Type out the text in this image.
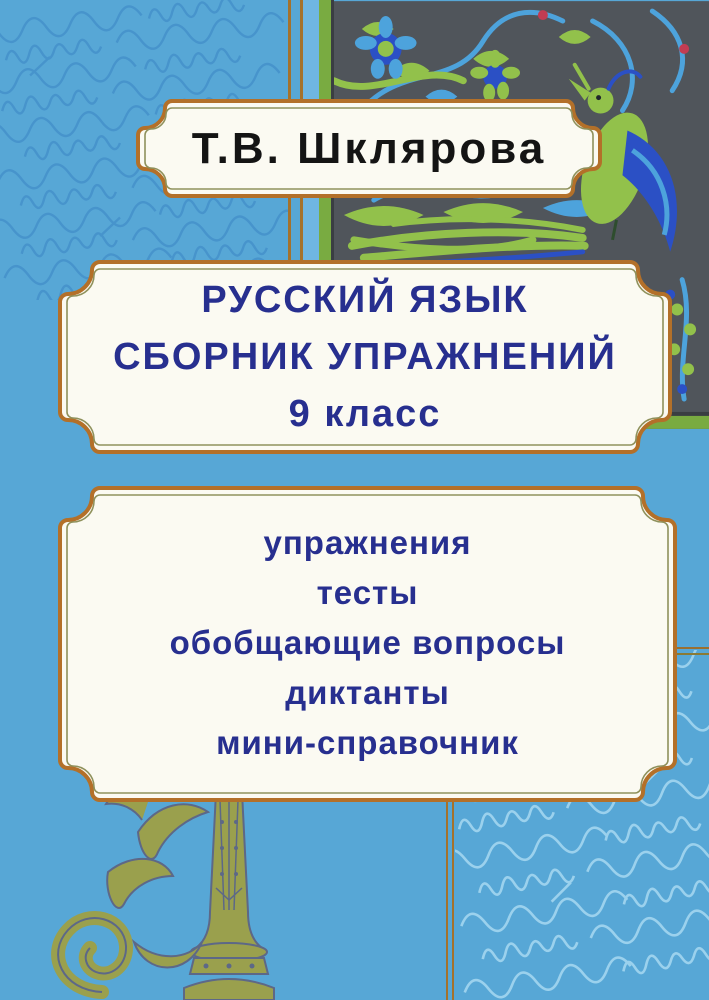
Т.В. Шклярова
РУССКИЙ ЯЗЫК
СБОРНИК УПРАЖНЕНИЙ
9 класс
упражнения
тесты
обобщающие вопросы
диктанты
мини-справочник
